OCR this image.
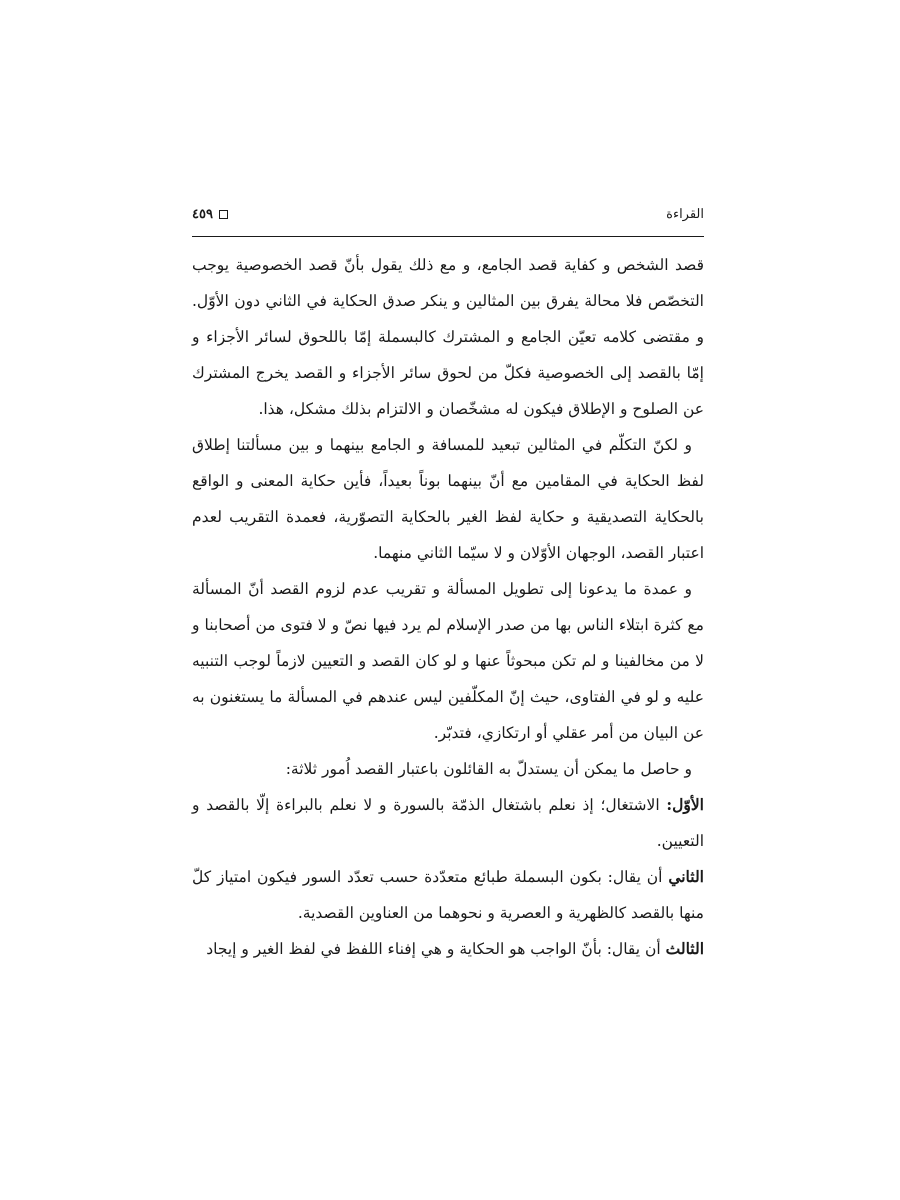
القراءة
٤٥٩

قصد الشخص و كفاية قصد الجامع، و مع ذلك يقول بأنّ قصد الخصوصية يوجب التخصّص فلا محالة يفرق بين المثالين و ينكر صدق الحكاية في الثاني دون الأوّل. و مقتضى كلامه تعيّن الجامع و المشترك كالبسملة إمّا باللحوق لسائر الأجزاء و إمّا بالقصد إلى الخصوصية فكلّ من لحوق سائر الأجزاء و القصد يخرج المشترك عن الصلوح و الإطلاق فيكون له مشخّصان و الالتزام بذلك مشكل، هذا.

و لكنّ التكلّم في المثالين تبعيد للمسافة و الجامع بينهما و بين مسألتنا إطلاق لفظ الحكاية في المقامين مع أنّ بينهما بوناً بعيداً، فأين حكاية المعنى و الواقع بالحكاية التصديقية و حكاية لفظ الغير بالحكاية التصوّرية، فعمدة التقريب لعدم اعتبار القصد، الوجهان الأوّلان و لا سيّما الثاني منهما.

و عمدة ما يدعونا إلى تطويل المسألة و تقريب عدم لزوم القصد أنّ المسألة مع كثرة ابتلاء الناس بها من صدر الإسلام لم يرد فيها نصّ و لا فتوى من أصحابنا و لا من مخالفينا و لم تكن مبحوثاً عنها و لو كان القصد و التعيين لازماً لوجب التنبيه عليه و لو في الفتاوى، حيث إنّ المكلّفين ليس عندهم في المسألة ما يستغنون به عن البيان من أمر عقلي أو ارتكازي، فتدبّر.

و حاصل ما يمكن أن يستدلّ به القائلون باعتبار القصد اُمور ثلاثة:

الأوّل: الاشتغال؛ إذ نعلم باشتغال الذمّة بالسورة و لا نعلم بالبراءة إلّا بالقصد و التعيين.

الثاني أن يقال: بكون البسملة طبائع متعدّدة حسب تعدّد السور فيكون امتياز كلّ منها بالقصد كالظهرية و العصرية و نحوهما من العناوين القصدية.

الثالث أن يقال: بأنّ الواجب هو الحكاية و هي إفناء اللفظ في لفظ الغير و إيجاد
